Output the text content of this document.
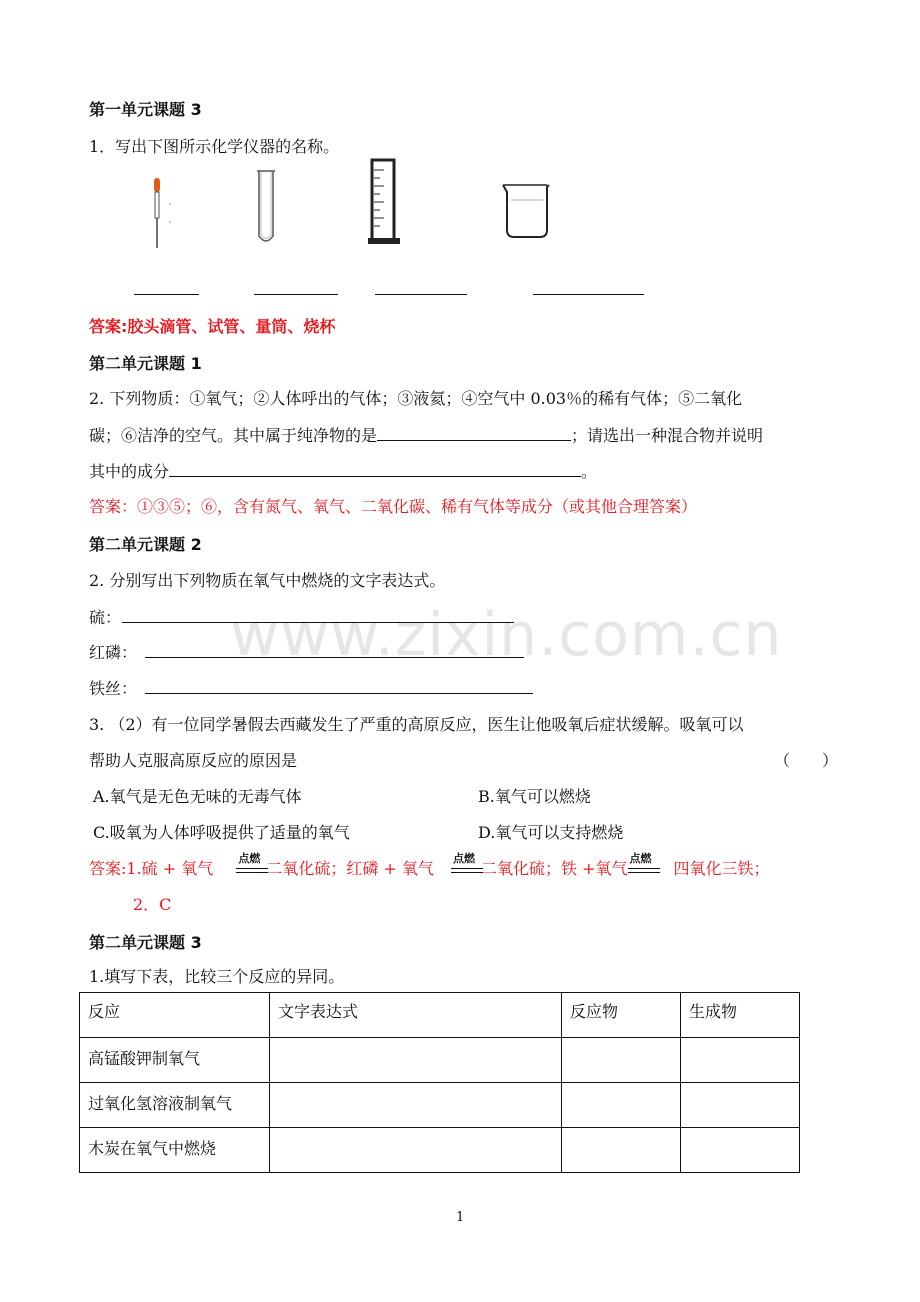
www.zixin.com.cn
第一单元课题 3
1．写出下图所示化学仪器的名称。
答案:胶头滴管、试管、量筒、烧杯
第二单元课题 1
2. 下列物质：①氧气；②人体呼出的气体；③液氦；④空气中 0.03％的稀有气体；⑤二氧化
碳；⑥洁净的空气。其中属于纯净物的是	；请选出一种混合物并说明
其中的成分	。
答案：①③⑤；⑥，含有氮气、氧气、二氧化碳、稀有气体等成分（或其他合理答案）
第二单元课题 2
2. 分别写出下列物质在氧气中燃烧的文字表达式。
硫：
红磷：
铁丝：
3. （2）有一位同学暑假去西藏发生了严重的高原反应，医生让他吸氧后症状缓解。吸氧可以
帮助人克服高原反应的原因是	（　　）
A.氧气是无色无味的无毒气体	B.氧气可以燃烧
C.吸氧为人体呼吸提供了适量的氧气	D.氧气可以支持燃烧
答案:1.硫 + 氧气
点燃
二氧化硫；红磷 + 氧气
点燃
二氧化硫；铁 +氧气
点燃
四氧化三铁；
2．C
第二单元课题 3
1.填写下表，比较三个反应的异同。
反应	文字表达式	反应物	生成物
高锰酸钾制氧气			
过氧化氢溶液制氧气			
木炭在氧气中燃烧			
1
